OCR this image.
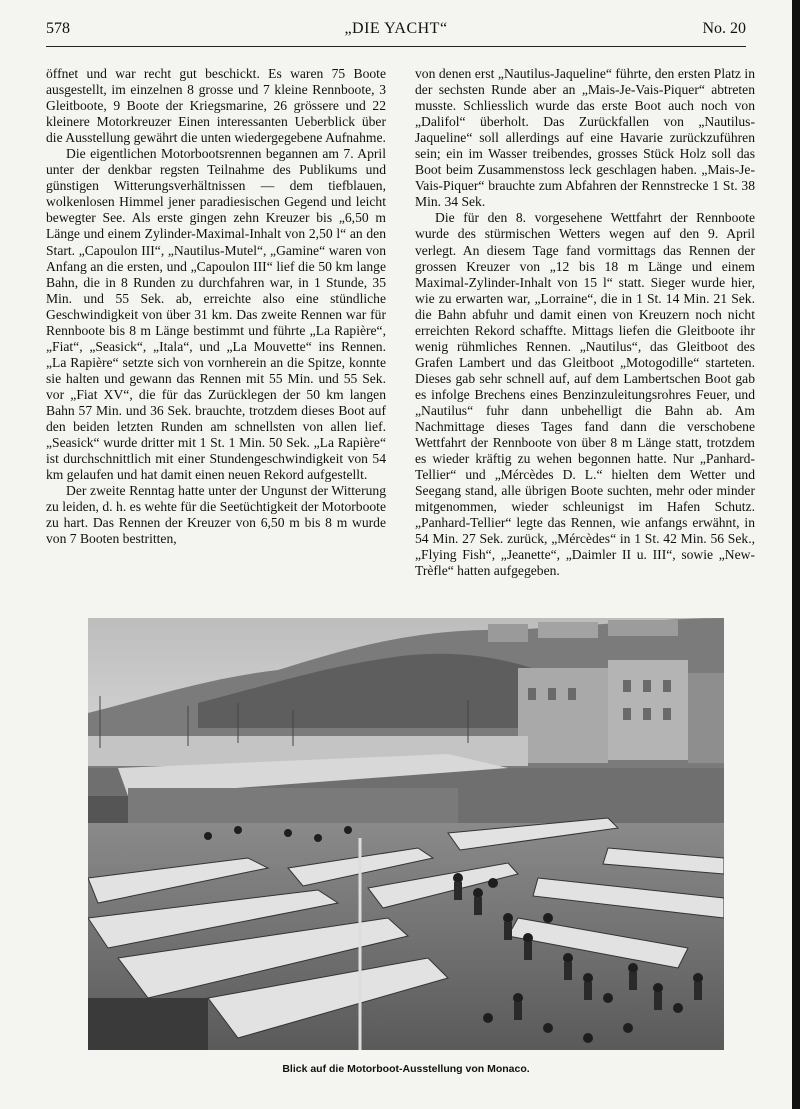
578	„DIE YACHT“	No. 20

öffnet und war recht gut beschickt. Es waren 75 Boote ausgestellt, im einzelnen 8 grosse und 7 kleine Rennboote, 3 Gleitboote, 9 Boote der Kriegsmarine, 26 grössere und 22 kleinere Motorkreuzer Einen interessanten Ueberblick über die Ausstellung gewährt die unten wiedergegebene Aufnahme.

Die eigentlichen Motorbootsrennen begannen am 7. April unter der denkbar regsten Teilnahme des Publikums und günstigen Witterungsverhältnissen — dem tiefblauen, wolkenlosen Himmel jener paradiesischen Gegend und leicht bewegter See. Als erste gingen zehn Kreuzer bis „6,50 m Länge und einem Zylinder-Maximal-Inhalt von 2,50 l“ an den Start. „Capoulon III“, „Nautilus-Mutel“, „Gamine“ waren von Anfang an die ersten, und „Capoulon III“ lief die 50 km lange Bahn, die in 8 Runden zu durchfahren war, in 1 Stunde, 35 Min. und 55 Sek. ab, erreichte also eine stündliche Geschwindigkeit von über 31 km. Das zweite Rennen war für Rennboote bis 8 m Länge bestimmt und führte „La Rapière“, „Fiat“, „Seasick“, „Itala“, und „La Mouvette“ ins Rennen. „La Rapière“ setzte sich von vornherein an die Spitze, konnte sie halten und gewann das Rennen mit 55 Min. und 55 Sek. vor „Fiat XV“, die für das Zurücklegen der 50 km langen Bahn 57 Min. und 36 Sek. brauchte, trotzdem dieses Boot auf den beiden letzten Runden am schnellsten von allen lief. „Seasick“ wurde dritter mit 1 St. 1 Min. 50 Sek. „La Rapière“ ist durchschnittlich mit einer Stundengeschwindigkeit von 54 km gelaufen und hat damit einen neuen Rekord aufgestellt.

Der zweite Renntag hatte unter der Ungunst der Witterung zu leiden, d. h. es wehte für die Seetüchtigkeit der Motorboote zu hart. Das Rennen der Kreuzer von 6,50 m bis 8 m wurde von 7 Booten bestritten,

von denen erst „Nautilus-Jaqueline“ führte, den ersten Platz in der sechsten Runde aber an „Mais-Je-Vais-Piquer“ abtreten musste. Schliesslich wurde das erste Boot auch noch von „Dalifol“ überholt. Das Zurückfallen von „Nautilus-Jaqueline“ soll allerdings auf eine Havarie zurückzuführen sein; ein im Wasser treibendes, grosses Stück Holz soll das Boot beim Zusammenstoss leck geschlagen haben. „Mais-Je-Vais-Piquer“ brauchte zum Abfahren der Rennstrecke 1 St. 38 Min. 34 Sek.

Die für den 8. vorgesehene Wettfahrt der Rennboote wurde des stürmischen Wetters wegen auf den 9. April verlegt. An diesem Tage fand vormittags das Rennen der grossen Kreuzer von „12 bis 18 m Länge und einem Maximal-Zylinder-Inhalt von 15 l“ statt. Sieger wurde hier, wie zu erwarten war, „Lorraine“, die in 1 St. 14 Min. 21 Sek. die Bahn abfuhr und damit einen von Kreuzern noch nicht erreichten Rekord schaffte. Mittags liefen die Gleitboote ihr wenig rühmliches Rennen. „Nautilus“, das Gleitboot des Grafen Lambert und das Gleitboot „Motogodille“ starteten. Dieses gab sehr schnell auf, auf dem Lambertschen Boot gab es infolge Brechens eines Benzinzuleitungsrohres Feuer, und „Nautilus“ fuhr dann unbehelligt die Bahn ab. Am Nachmittage dieses Tages fand dann die verschobene Wettfahrt der Rennboote von über 8 m Länge statt, trotzdem es wieder kräftig zu wehen begonnen hatte. Nur „Panhard-Tellier“ und „Mércèdes D. L.“ hielten dem Wetter und Seegang stand, alle übrigen Boote suchten, mehr oder minder mitgenommen, wieder schleunigst im Hafen Schutz. „Panhard-Tellier“ legte das Rennen, wie anfangs erwähnt, in 54 Min. 27 Sek. zurück, „Mércèdes“ in 1 St. 42 Min. 56 Sek., „Flying Fish“, „Jeanette“, „Daimler II u. III“, sowie „New-Trèfle“ hatten aufgegeben.

Blick auf die Motorboot-Ausstellung von Monaco.
